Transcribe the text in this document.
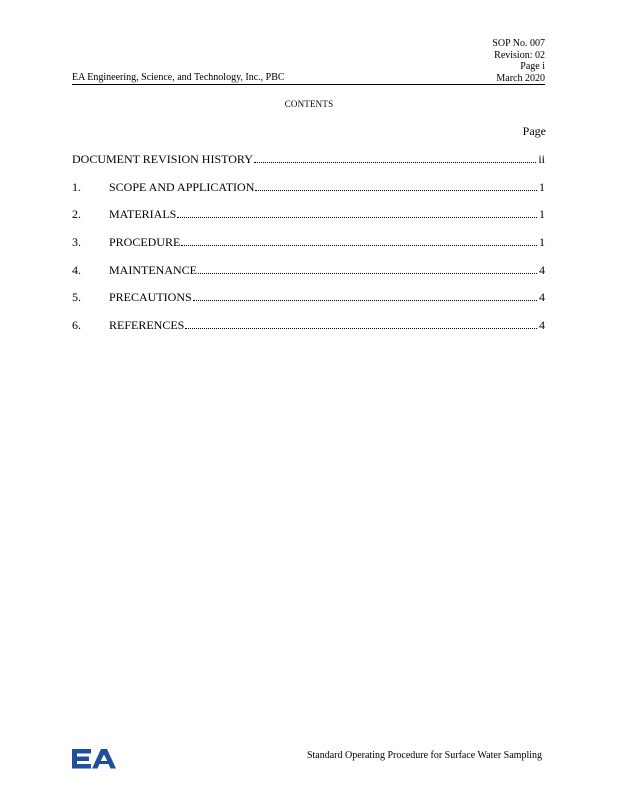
SOP No. 007
Revision: 02
Page i
March 2020
EA Engineering, Science, and Technology, Inc., PBC
CONTENTS
Page
DOCUMENT REVISION HISTORY	ii
1.	SCOPE AND APPLICATION	1
2.	MATERIALS	1
3.	PROCEDURE	1
4.	MAINTENANCE	4
5.	PRECAUTIONS	4
6.	REFERENCES	4
Standard Operating Procedure for Surface Water Sampling
